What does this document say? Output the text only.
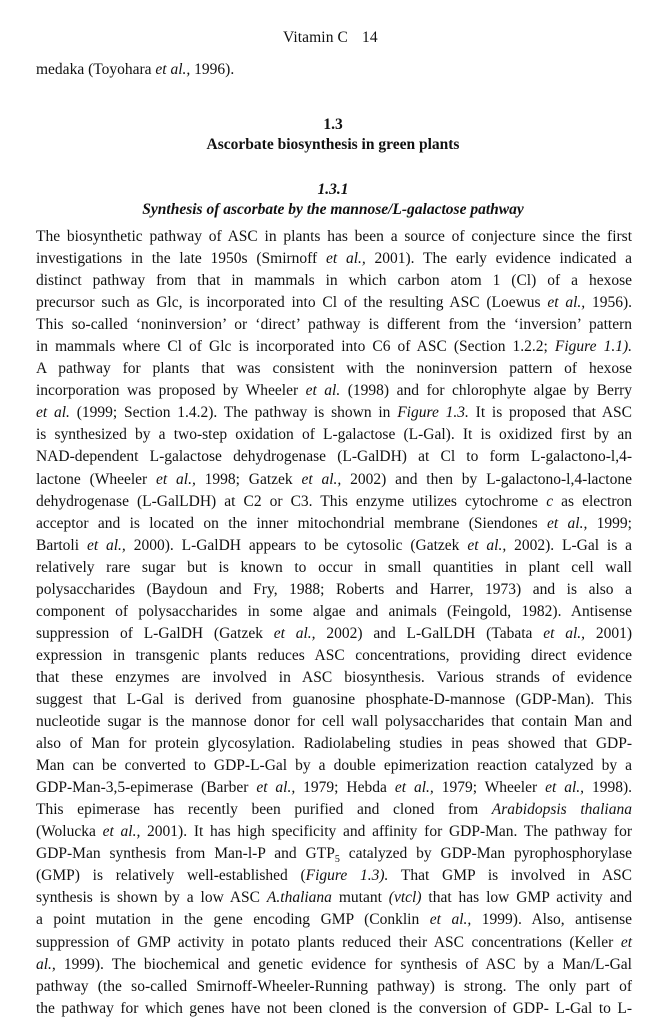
Vitamin C 14
medaka (Toyohara et al., 1996).
1.3
Ascorbate biosynthesis in green plants
1.3.1
Synthesis of ascorbate by the mannose/L-galactose pathway
The biosynthetic pathway of ASC in plants has been a source of conjecture since the first
investigations in the late 1950s (Smirnoff et al., 2001). The early evidence indicated a
distinct pathway from that in mammals in which carbon atom 1 (Cl) of a hexose
precursor such as Glc, is incorporated into Cl of the resulting ASC (Loewus et al., 1956).
This so-called ‘noninversion’ or ‘direct’ pathway is different from the ‘inversion’ pattern
in mammals where Cl of Glc is incorporated into C6 of ASC (Section 1.2.2; Figure 1.1).
A pathway for plants that was consistent with the noninversion pattern of hexose
incorporation was proposed by Wheeler et al. (1998) and for chlorophyte algae by Berry
et al. (1999; Section 1.4.2). The pathway is shown in Figure 1.3. It is proposed that ASC
is synthesized by a two-step oxidation of L-galactose (L-Gal). It is oxidized first by an
NAD-dependent L-galactose dehydrogenase (L-GalDH) at Cl to form L-galactono-l,4-
lactone (Wheeler et al., 1998; Gatzek et al., 2002) and then by L-galactono-l,4-lactone
dehydrogenase (L-GalLDH) at C2 or C3. This enzyme utilizes cytochrome c as electron
acceptor and is located on the inner mitochondrial membrane (Siendones et al., 1999;
Bartoli et al., 2000). L-GalDH appears to be cytosolic (Gatzek et al., 2002). L-Gal is a
relatively rare sugar but is known to occur in small quantities in plant cell wall
polysaccharides (Baydoun and Fry, 1988; Roberts and Harrer, 1973) and is also a
component of polysaccharides in some algae and animals (Feingold, 1982). Antisense
suppression of L-GalDH (Gatzek et al., 2002) and L-GalLDH (Tabata et al., 2001)
expression in transgenic plants reduces ASC concentrations, providing direct evidence
that these enzymes are involved in ASC biosynthesis. Various strands of evidence
suggest that L-Gal is derived from guanosine phosphate-D-mannose (GDP-Man). This
nucleotide sugar is the mannose donor for cell wall polysaccharides that contain Man and
also of Man for protein glycosylation. Radiolabeling studies in peas showed that GDP-
Man can be converted to GDP-L-Gal by a double epimerization reaction catalyzed by a
GDP-Man-3,5-epimerase (Barber et al., 1979; Hebda et al., 1979; Wheeler et al., 1998).
This epimerase has recently been purified and cloned from Arabidopsis thaliana
(Wolucka et al., 2001). It has high specificity and affinity for GDP-Man. The pathway for
GDP-Man synthesis from Man-l-P and $GTP_5$ catalyzed by GDP-Man pyrophosphorylase
(GMP) is relatively well-established (Figure 1.3). That GMP is involved in ASC
synthesis is shown by a low ASC A.thaliana mutant (vtcl) that has low GMP activity and
a point mutation in the gene encoding GMP (Conklin et al., 1999). Also, antisense
suppression of GMP activity in potato plants reduced their ASC concentrations (Keller et
al., 1999). The biochemical and genetic evidence for synthesis of ASC by a Man/L-Gal
pathway (the so-called Smirnoff-Wheeler-Running pathway) is strong. The only part of
the pathway for which genes have not been cloned is the conversion of GDP- L-Gal to L-
